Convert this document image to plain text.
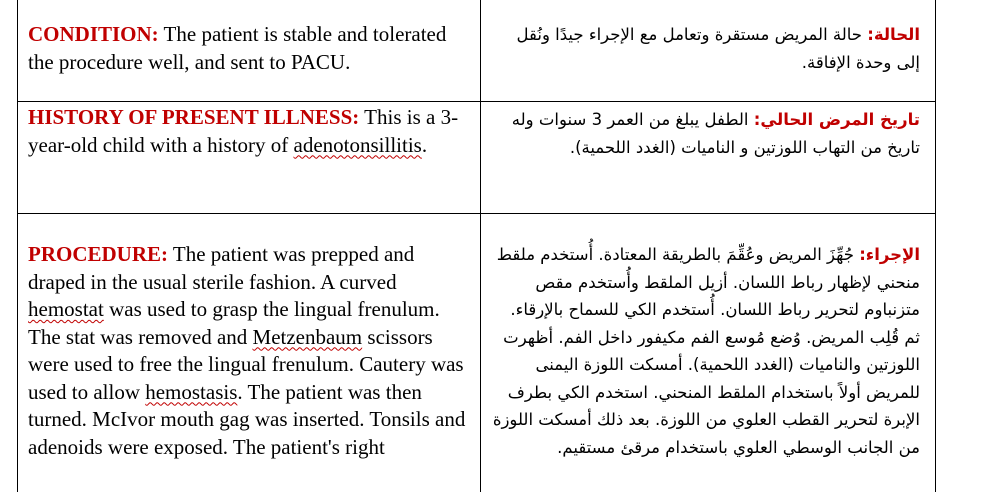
CONDITION: The patient is stable and tolerated the procedure well, and sent to PACU.
الحالة: حالة المريض مستقرة وتعامل مع الإجراء جيدًا ونُقل إلى وحدة الإفاقة.
HISTORY OF PRESENT ILLNESS: This is a 3-year-old child with a history of adenotonsillitis.
تاريخ المرض الحالي: الطفل يبلغ من العمر 3 سنوات وله تاريخ من التهاب اللوزتين و الناميات (الغدد اللحمية).
PROCEDURE: The patient was prepped and draped in the usual sterile fashion. A curved hemostat was used to grasp the lingual frenulum. The stat was removed and Metzenbaum scissors were used to free the lingual frenulum. Cautery was used to allow hemostasis. The patient was then turned. McIvor mouth gag was inserted. Tonsils and adenoids were exposed. The patient's right
الإجراء: جُهِّزَ المريض وعُقِّمَ بالطريقة المعتادة. أُستخدم ملقط منحني لإظهار رباط اللسان. أزيل الملقط وأُستخدم مقص متزنباوم لتحرير رباط اللسان. أُستخدم الكي للسماح بالإرقاء. ثم قُلِب المريض. وُضع مُوسع الفم مكيفور داخل الفم. أظهرت اللوزتين والناميات (الغدد اللحمية). أمسكت اللوزة اليمنى للمريض أولاً باستخدام الملقط المنحني. استخدم الكي بطرف الإبرة لتحرير القطب العلوي من اللوزة. بعد ذلك أمسكت اللوزة من الجانب الوسطي العلوي باستخدام مرقئ مستقيم.
